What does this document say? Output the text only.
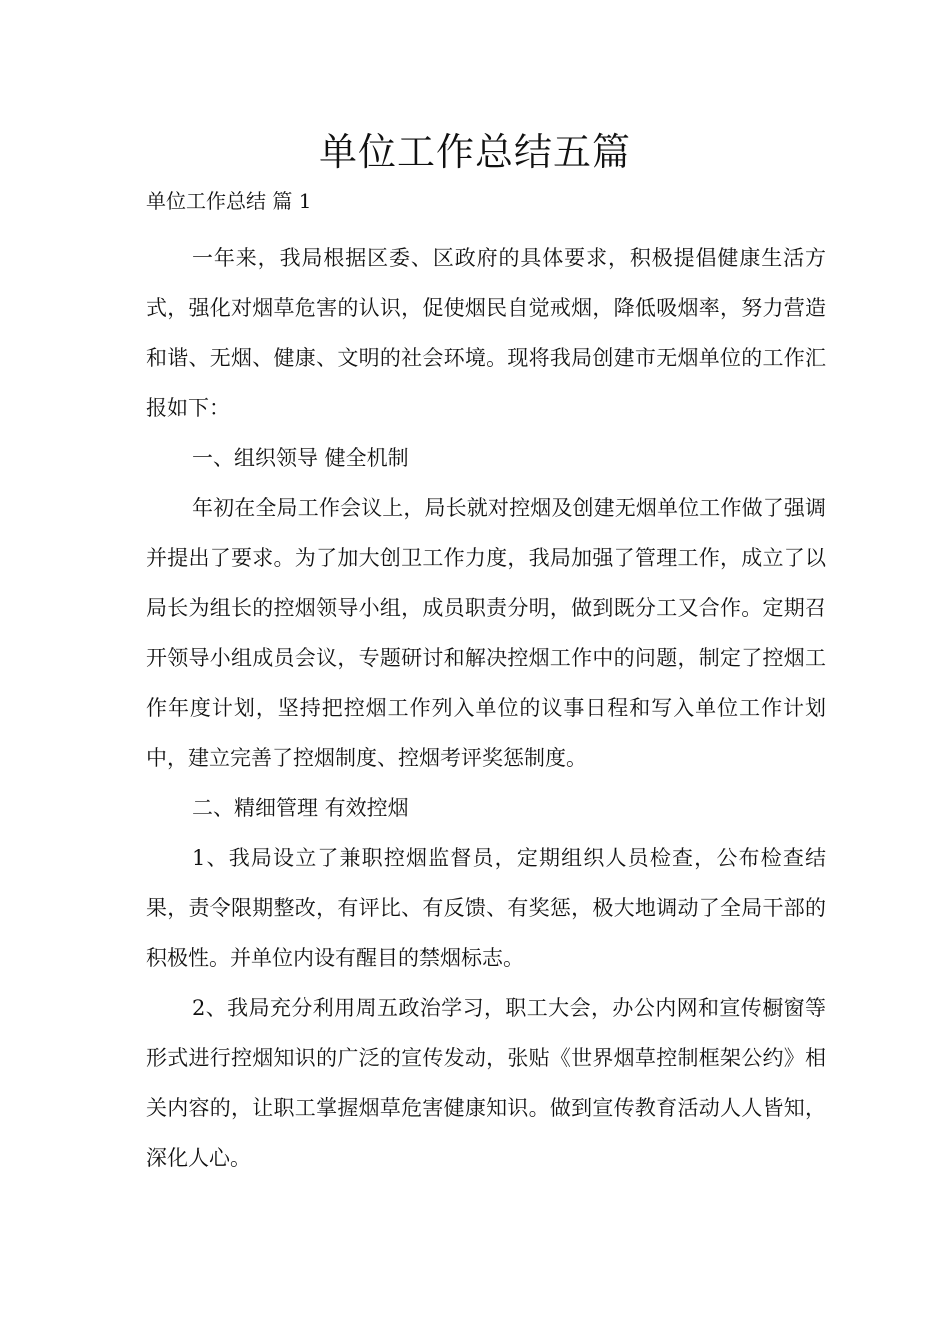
单位工作总结五篇

单位工作总结 篇 1

一年来，我局根据区委、区政府的具体要求，积极提倡健康生活方式，强化对烟草危害的认识，促使烟民自觉戒烟，降低吸烟率，努力营造和谐、无烟、健康、文明的社会环境。现将我局创建市无烟单位的工作汇报如下：

一、组织领导 健全机制

年初在全局工作会议上，局长就对控烟及创建无烟单位工作做了强调并提出了要求。为了加大创卫工作力度，我局加强了管理工作，成立了以局长为组长的控烟领导小组，成员职责分明，做到既分工又合作。定期召开领导小组成员会议，专题研讨和解决控烟工作中的问题，制定了控烟工作年度计划，坚持把控烟工作列入单位的议事日程和写入单位工作计划中，建立完善了控烟制度、控烟考评奖惩制度。

二、精细管理 有效控烟

1、我局设立了兼职控烟监督员，定期组织人员检查，公布检查结果，责令限期整改，有评比、有反馈、有奖惩，极大地调动了全局干部的积极性。并单位内设有醒目的禁烟标志。

2、我局充分利用周五政治学习，职工大会，办公内网和宣传橱窗等形式进行控烟知识的广泛的宣传发动，张贴《世界烟草控制框架公约》相关内容的，让职工掌握烟草危害健康知识。做到宣传教育活动人人皆知，深化人心。
